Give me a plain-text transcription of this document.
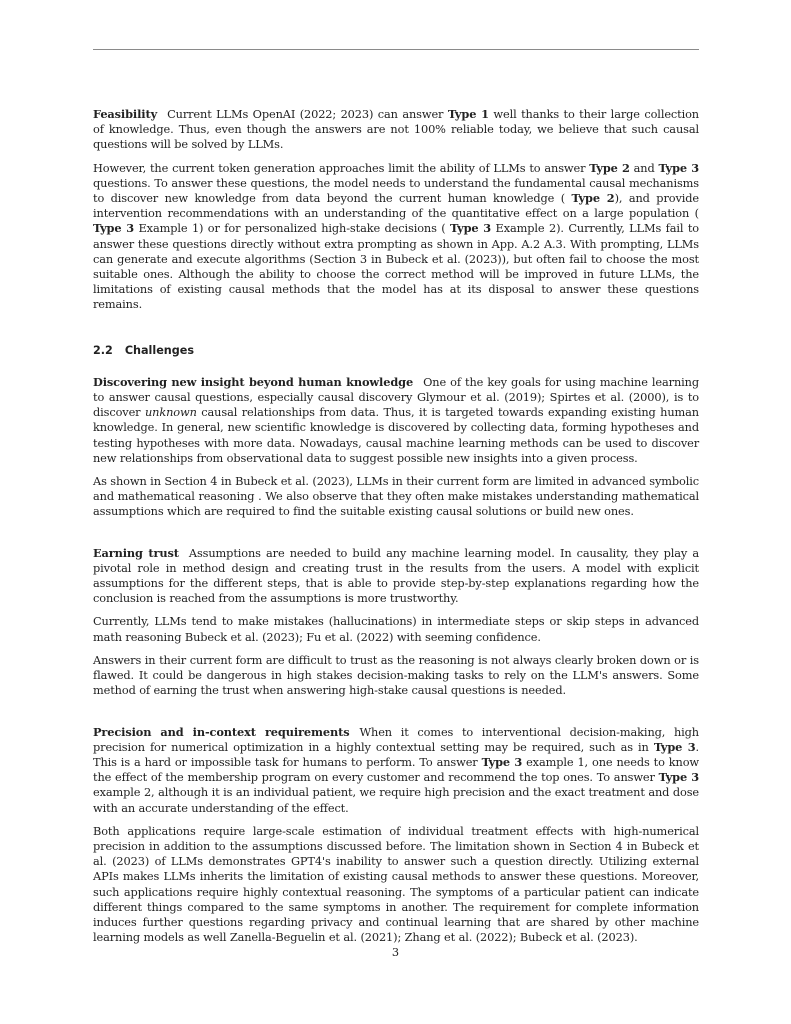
Feasibility Current LLMs OpenAI (2022; 2023) can answer Type 1 well thanks to their large collection of knowledge. Thus, even though the answers are not 100% reliable today, we believe that such causal questions will be solved by LLMs.

However, the current token generation approaches limit the ability of LLMs to answer Type 2 and Type 3 questions. To answer these questions, the model needs to understand the fundamental causal mechanisms to discover new knowledge from data beyond the current human knowledge ( Type 2), and provide intervention recommendations with an understanding of the quantitative effect on a large population ( Type 3 Example 1) or for personalized high-stake decisions ( Type 3 Example 2). Currently, LLMs fail to answer these questions directly without extra prompting as shown in App. A.2 A.3. With prompting, LLMs can generate and execute algorithms (Section 3 in Bubeck et al. (2023)), but often fail to choose the most suitable ones. Although the ability to choose the correct method will be improved in future LLMs, the limitations of existing causal methods that the model has at its disposal to answer these questions remains.

2.2 Challenges

Discovering new insight beyond human knowledge One of the key goals for using machine learning to answer causal questions, especially causal discovery Glymour et al. (2019); Spirtes et al. (2000), is to discover unknown causal relationships from data. Thus, it is targeted towards expanding existing human knowledge. In general, new scientific knowledge is discovered by collecting data, forming hypotheses and testing hypotheses with more data. Nowadays, causal machine learning methods can be used to discover new relationships from observational data to suggest possible new insights into a given process.

As shown in Section 4 in Bubeck et al. (2023), LLMs in their current form are limited in advanced symbolic and mathematical reasoning . We also observe that they often make mistakes understanding mathematical assumptions which are required to find the suitable existing causal solutions or build new ones.

Earning trust Assumptions are needed to build any machine learning model. In causality, they play a pivotal role in method design and creating trust in the results from the users. A model with explicit assumptions for the different steps, that is able to provide step-by-step explanations regarding how the conclusion is reached from the assumptions is more trustworthy.

Currently, LLMs tend to make mistakes (hallucinations) in intermediate steps or skip steps in advanced math reasoning Bubeck et al. (2023); Fu et al. (2022) with seeming confidence.

Answers in their current form are difficult to trust as the reasoning is not always clearly broken down or is flawed. It could be dangerous in high stakes decision-making tasks to rely on the LLM's answers. Some method of earning the trust when answering high-stake causal questions is needed.

Precision and in-context requirements When it comes to interventional decision-making, high precision for numerical optimization in a highly contextual setting may be required, such as in Type 3. This is a hard or impossible task for humans to perform. To answer Type 3 example 1, one needs to know the effect of the membership program on every customer and recommend the top ones. To answer Type 3 example 2, although it is an individual patient, we require high precision and the exact treatment and dose with an accurate understanding of the effect.

Both applications require large-scale estimation of individual treatment effects with high-numerical precision in addition to the assumptions discussed before. The limitation shown in Section 4 in Bubeck et al. (2023) of LLMs demonstrates GPT4's inability to answer such a question directly. Utilizing external APIs makes LLMs inherits the limitation of existing causal methods to answer these questions. Moreover, such applications require highly contextual reasoning. The symptoms of a particular patient can indicate different things compared to the same symptoms in another. The requirement for complete information induces further questions regarding privacy and continual learning that are shared by other machine learning models as well Zanella-Beguelin et al. (2021); Zhang et al. (2022); Bubeck et al. (2023).

3
